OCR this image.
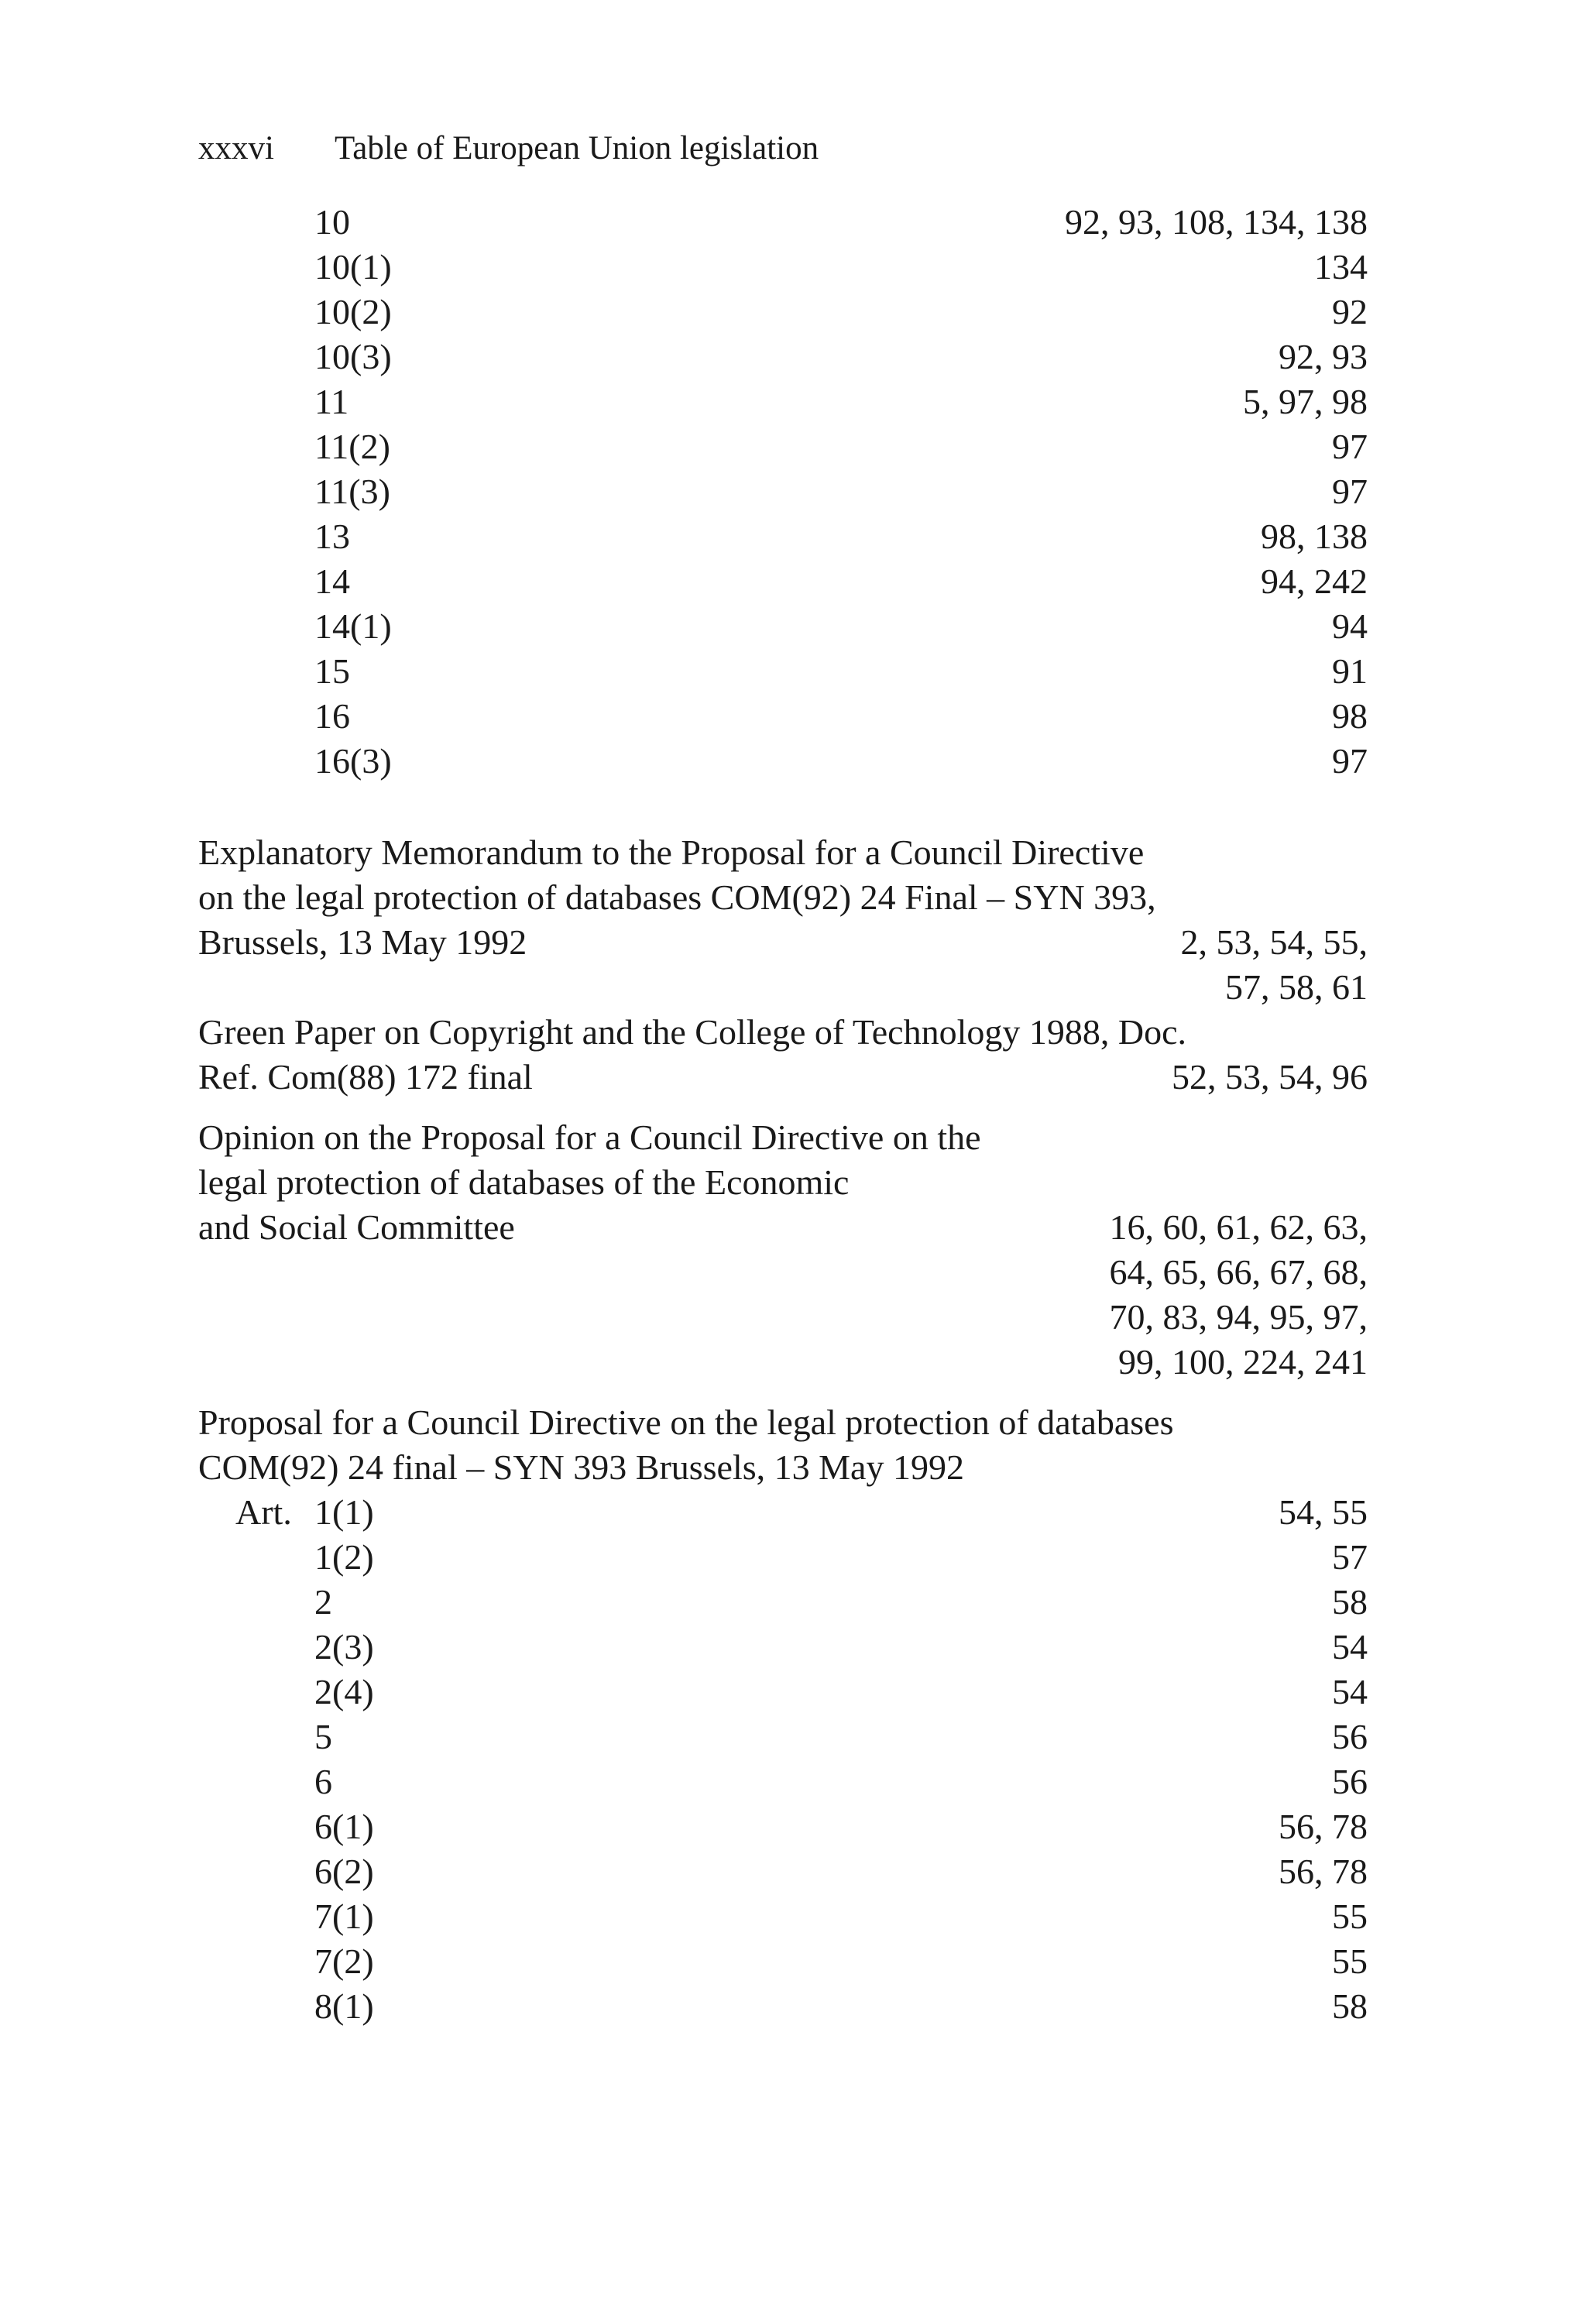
xxxvi Table of European Union legislation
10	92, 93, 108, 134, 138
10(1)	134
10(2)	92
10(3)	92, 93
11	5, 97, 98
11(2)	97
11(3)	97
13	98, 138
14	94, 242
14(1)	94
15	91
16	98
16(3)	97
Explanatory Memorandum to the Proposal for a Council Directive
on the legal protection of databases COM(92) 24 Final – SYN 393,
Brussels, 13 May 1992	2, 53, 54, 55,
57, 58, 61
Green Paper on Copyright and the College of Technology 1988, Doc.
Ref. Com(88) 172 final	52, 53, 54, 96
Opinion on the Proposal for a Council Directive on the
legal protection of databases of the Economic
and Social Committee	16, 60, 61, 62, 63,
64, 65, 66, 67, 68,
70, 83, 94, 95, 97,
99, 100, 224, 241
Proposal for a Council Directive on the legal protection of databases
COM(92) 24 final – SYN 393 Brussels, 13 May 1992
Art. 1(1)	54, 55
1(2)	57
2	58
2(3)	54
2(4)	54
5	56
6	56
6(1)	56, 78
6(2)	56, 78
7(1)	55
7(2)	55
8(1)	58
